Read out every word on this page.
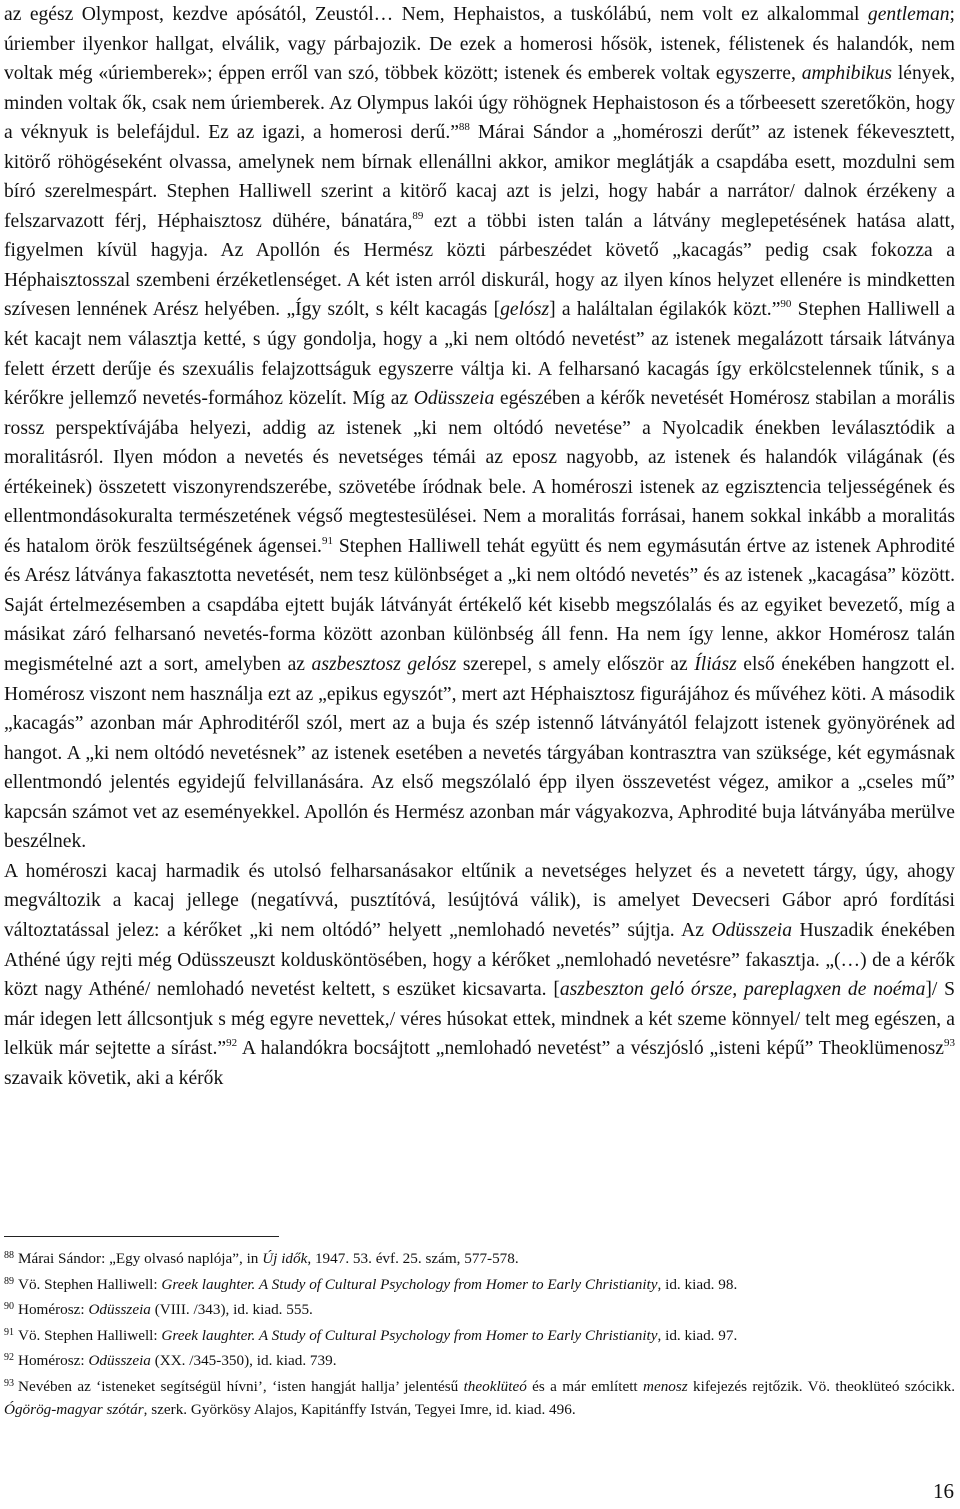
az egész Olympost, kezdve apósától, Zeustól… Nem, Hephaistos, a tuskólábú, nem volt ez alkalommal gentleman; úriember ilyenkor hallgat, elválik, vagy párbajozik. De ezek a homerosi hősök, istenek, félistenek és halandók, nem voltak még «úriemberek»; éppen erről van szó, többek között; istenek és emberek voltak egyszerre, amphibikus lények, minden voltak ők, csak nem úriemberek. Az Olympus lakói úgy röhögnek Hephaistoson és a tőrbeesett szeretőkön, hogy a véknyuk is belefájdul. Ez az igazi, a homerosi derű.”$^{88}$ Márai Sándor a „homéroszi derűt” az istenek fékevesztett, kitörő röhögéseként olvassa, amelynek nem bírnak ellenállni akkor, amikor meglátják a csapdába esett, mozdulni sem bíró szerelmespárt. Stephen Halliwell szerint a kitörő kacaj azt is jelzi, hogy habár a narrátor/ dalnok érzékeny a felszarvazott férj, Héphaisztosz dühére, bánatára,$^{89}$ ezt a többi isten talán a látvány meglepetésének hatása alatt, figyelmen kívül hagyja. Az Apollón és Hermész közti párbeszédet követő „kacagás” pedig csak fokozza a Héphaisztosszal szembeni érzéketlenséget. A két isten arról diskurál, hogy az ilyen kínos helyzet ellenére is mindketten szívesen lennének Arész helyében. „Így szólt, s kélt kacagás [gelósz] a haláltalan égilakók közt.”$^{90}$ Stephen Halliwell a két kacajt nem választja ketté, s úgy gondolja, hogy a „ki nem oltódó nevetést” az istenek megalázott társaik látványa felett érzett derűje és szexuális felajzottságuk egyszerre váltja ki. A felharsanó kacagás így erkölcstelennek tűnik, s a kérőkre jellemző nevetés-formához közelít. Míg az Odüsszeia egészében a kérők nevetését Homérosz stabilan a morális rossz perspektívájába helyezi, addig az istenek „ki nem oltódó nevetése” a Nyolcadik énekben leválasztódik a moralitásról. Ilyen módon a nevetés és nevetséges témái az eposz nagyobb, az istenek és halandók világának (és értékeinek) összetett viszonyrendszerébe, szövetébe íródnak bele. A homéroszi istenek az egzisztencia teljességének és ellentmondásokuralta természetének végső megtestesülései. Nem a moralitás forrásai, hanem sokkal inkább a moralitás és hatalom örök feszültségének ágensei.$^{91}$ Stephen Halliwell tehát együtt és nem egymásután értve az istenek Aphrodité és Arész látványa fakasztotta nevetését, nem tesz különbséget a „ki nem oltódó nevetés” és az istenek „kacagása” között. Saját értelmezésemben a csapdába ejtett buják látványát értékelő két kisebb megszólalás és az egyiket bevezető, míg a másikat záró felharsanó nevetés-forma között azonban különbség áll fenn. Ha nem így lenne, akkor Homérosz talán megismételné azt a sort, amelyben az aszbesztosz gelósz szerepel, s amely először az Íliász első énekében hangzott el. Homérosz viszont nem használja ezt az „epikus egyszót”, mert azt Héphaisztosz figurájához és művéhez köti. A második „kacagás” azonban már Aphroditéről szól, mert az a buja és szép istennő látványától felajzott istenek gyönyörének ad hangot. A „ki nem oltódó nevetésnek” az istenek esetében a nevetés tárgyában kontrasztra van szüksége, két egymásnak ellentmondó jelentés egyidejű felvillanására. Az első megszólaló épp ilyen összevetést végez, amikor a „cseles mű” kapcsán számot vet az eseményekkel. Apollón és Hermész azonban már vágyakozva, Aphrodité buja látványába merülve beszélnek.

A homéroszi kacaj harmadik és utolsó felharsanásakor eltűnik a nevetséges helyzet és a nevetett tárgy, úgy, ahogy megváltozik a kacaj jellege (negatívvá, pusztítóvá, lesújtóvá válik), is amelyet Devecseri Gábor apró fordítási változtatással jelez: a kérőket „ki nem oltódó” helyett „nemlohadó nevetés” sújtja. Az Odüsszeia Huszadik énekében Athéné úgy rejti még Odüsszeuszt koldusköntösében, hogy a kérőket „nemlohadó nevetésre” fakasztja. „(…) de a kérők közt nagy Athéné/ nemlohadó nevetést keltett, s eszüket kicsavarta. [aszbeszton gelό órsze, pareplagxen de noéma]/ S már idegen lett állcsontjuk s még egyre nevettek,/ véres húsokat ettek, mindnek a két szeme könnyel/ telt meg egészen, a lelkük már sejtette a sírást.”$^{92}$ A halandókra bocsájtott „nemlohadó nevetést” a vészjósló „isteni képű” Theoklümenosz$^{93}$ szavaik követik, aki a kérők

$^{88}$ Márai Sándor: „Egy olvasó naplója”, in Új idők, 1947. 53. évf. 25. szám, 577-578.

$^{89}$ Vö. Stephen Halliwell: Greek laughter. A Study of Cultural Psychology from Homer to Early Christianity, id. kiad. 98.

$^{90}$ Homérosz: Odüsszeia (VIII. /343), id. kiad. 555.

$^{91}$ Vö. Stephen Halliwell: Greek laughter. A Study of Cultural Psychology from Homer to Early Christianity, id. kiad. 97.

$^{92}$ Homérosz: Odüsszeia (XX. /345-350), id. kiad. 739.

$^{93}$ Nevében az ‘isteneket segítségül hívni’, ‘isten hangját hallja’ jelentésű theoklüteó és a már említett menosz kifejezés rejtőzik. Vö. theoklüteó szócikk. Ógörög-magyar szótár, szerk. Györkösy Alajos, Kapitánffy István, Tegyei Imre, id. kiad. 496.

16
